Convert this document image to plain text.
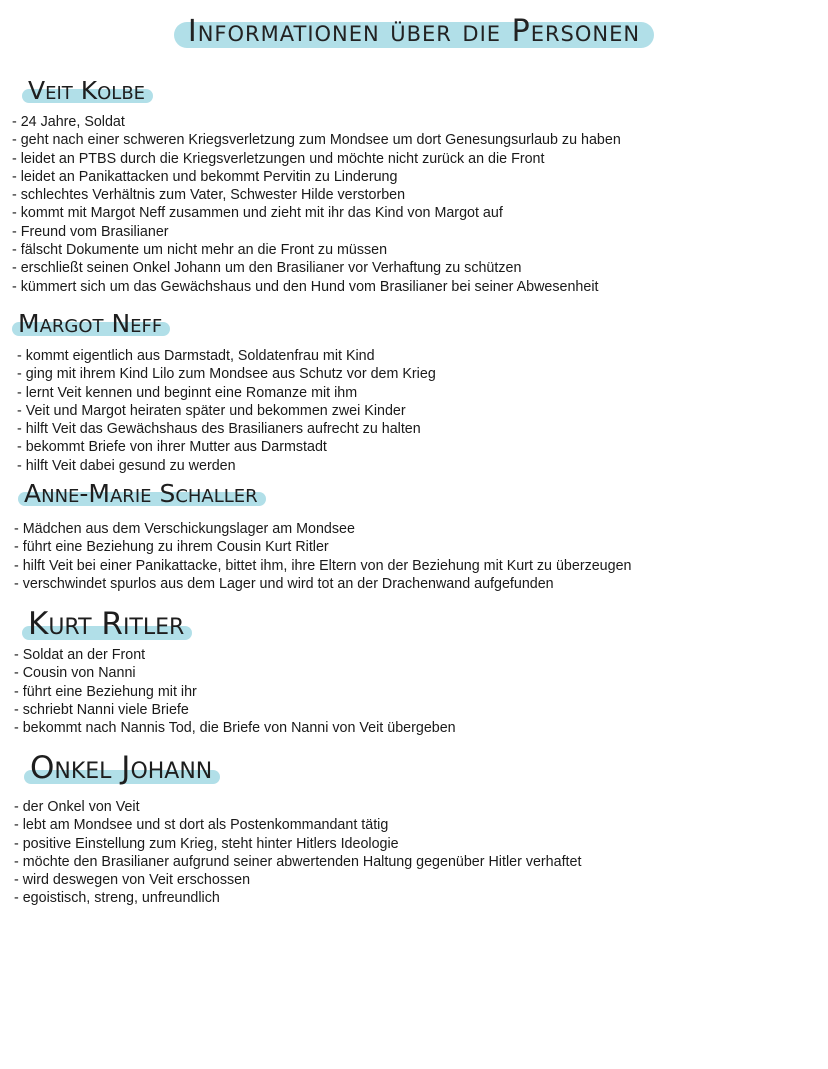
Informationen über die Personen
Veit Kolbe
- 24 Jahre, Soldat
- geht nach einer schweren Kriegsverletzung zum Mondsee um dort Genesungsurlaub zu haben
- leidet an PTBS durch die Kriegsverletzungen und möchte nicht zurück an die Front
- leidet an Panikattacken und bekommt Pervitin zu Linderung
- schlechtes Verhältnis zum Vater, Schwester Hilde verstorben
- kommt mit Margot Neff zusammen und zieht mit ihr das Kind von Margot auf
- Freund vom Brasilianer
- fälscht Dokumente um nicht mehr an die Front zu müssen
- erschließt seinen Onkel Johann um den Brasilianer vor Verhaftung zu schützen
- kümmert sich um das Gewächshaus und den Hund vom Brasilianer bei seiner Abwesenheit
Margot Neff
- kommt eigentlich aus Darmstadt, Soldatenfrau mit Kind
- ging mit ihrem Kind Lilo zum Mondsee aus Schutz vor dem Krieg
- lernt Veit kennen und beginnt eine Romanze mit ihm
- Veit und Margot heiraten später und bekommen zwei Kinder
- hilft Veit das Gewächshaus des Brasilianers aufrecht zu halten
- bekommt Briefe von ihrer Mutter aus Darmstadt
- hilft Veit dabei gesund zu werden
Anne-Marie Schaller
- Mädchen aus dem Verschickungslager am Mondsee
- führt eine Beziehung zu ihrem Cousin Kurt Ritler
- hilft Veit bei einer Panikattacke, bittet ihm, ihre Eltern von der Beziehung mit Kurt zu überzeugen
- verschwindet spurlos aus dem Lager und wird tot an der Drachenwand aufgefunden
Kurt Ritler
- Soldat an der Front
- Cousin von Nanni
- führt eine Beziehung mit ihr
- schriebt Nanni viele Briefe
- bekommt nach Nannis Tod, die Briefe von Nanni von Veit übergeben
Onkel Johann
- der Onkel von Veit
- lebt am Mondsee und st dort als Postenkommandant tätig
- positive Einstellung zum Krieg, steht hinter Hitlers Ideologie
- möchte den Brasilianer aufgrund seiner abwertenden Haltung gegenüber Hitler verhaftet
- wird deswegen von Veit erschossen
- egoistisch, streng, unfreundlich
